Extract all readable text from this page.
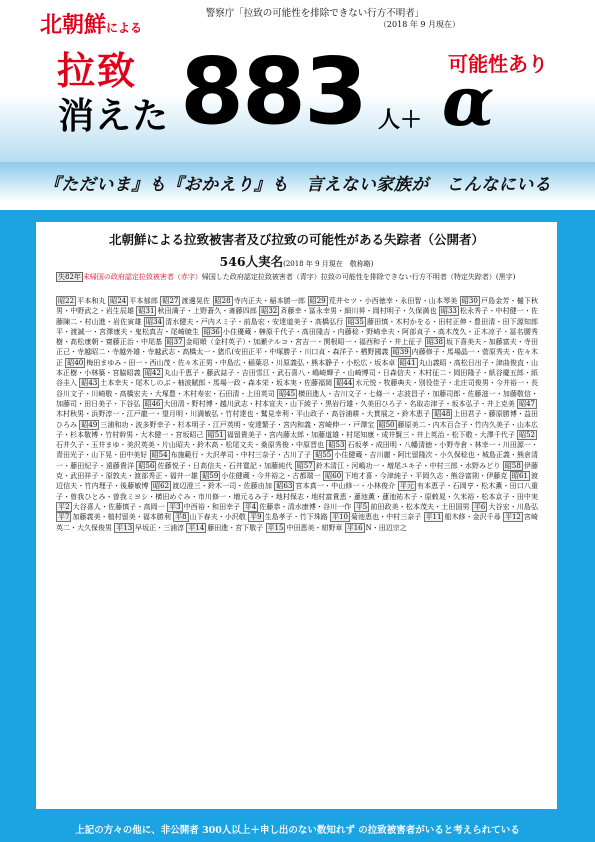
北朝鮮による
警察庁「拉致の可能性を排除できない行方不明者」
（2018 年 9 月現在）
拉致	可能性あり
消えた 883 人＋ α
『ただいま』も『おかえり』も　言えない家族が　こんなにいる
北朝鮮による拉致被害者及び拉致の可能性がある失踪者（公開者）
546人実名(2018 年 9 月現在　敬称略)
失82年 未帰国の政府認定拉致被害者（赤字）帰国した政府認定拉致被害者（青字）拉致の可能性を排除できない行方不明者（特定失踪者）(黒字)
昭22 平本和丸 昭24 平本郁郎 昭27 渡邊晃佐 昭28 寺内正夫・稲本勝一郎 昭29 荒井セツ・小西徳幸・永田智・山本琴美 昭30 戸島金芳・樋下秋男・中野武之・岩生辰雄 昭31 秋田満子・上野蒼久・斎藤四郎 昭32 斉藤幸・冨永幸男・細川昇・岡村明子・久保満也 昭33 松永秀子・中村健一・佐藤陳二・村山進・岩佐寅雄 昭34 清水健夫・戸内スミ子・前島宏・安達道美子・高橋弘行 昭35 藤田慎・木村かをる・田村正伸・豊田清・田下源知郎平・渡誠一・宮澤康夫・鬼松真吉・尾崎暁生 昭36 小住優蔵・榊原千代子・高田隆吉・内藤稔・野崎幸夫・阿部貞子・高木茂久・正木凉子・冨名腰秀樹・高松康朝・齋藤正治・中尾基 昭37 金昭順（金村英子）・加瀬テルコ・宮吉一・関根昭一・福西和子・井上征子 昭38 坂下喜美夫・加藤富夫・寺田正己・寺越昭二・寺越外雄・寺越武志・高橋太一・猪爪(安田正平・中塚勝子・川口貞・森洋子・栖野國義 昭39 内藤修子・馬場晶一・菅原秀夫・佐々木正 昭40 梅田まゆみ・田一・西山茂・佐々木正男・中島広・稲葉忍・川原義弘・熊本静子・小松広・坂本卓 昭41 丸山義昭・高松日出子・津曲俊直・山本正樹・小林築・宮脇昭義 昭42 丸山千恵子・藤武誌子・吉田雪江・武石喜八・嶋崎輝子・山崎博司・日森信夫・木村征二・岡田隆子・紙谷慶五郎・紙谷圭入 昭43 土本幸夫・尾木しのぶ・柚波賦郎・馬場一政・森本栄・坂本実・佐藤福岡 昭44 水元悦・牧藤典夫・別役佳子・北庄司俊男・今井裕一・長谷川文子・川崎敬・高橋宏夫・大塚豊・木村寿宏・石田清・上田英司 昭45 横田進人・吉川文子・七條一・志波昌子・加藤司郎・佐藤滋一・加藤敬信・加藤司・田日美子・下谷弘 昭46 大田清・野村博・越川武志・村本宣夫・山下綾子・黒岩行雄・久美田ひろ子・名取志津子・坂本弘子・井上克美 昭47木村秋男・浜野淳一・江戸龍一・望月明・川満敏弘・竹村達也・鷲見幸利・平山政子・高谷浦耕・大貫展之・鈴木恵子 昭48 上田君子・藤原勝博・益田ひろみ 昭49 三浦和功・波多野幸子・杉本明子・江戸英明・安達繁子・宮内和義・宮崎伸一・戸澤宝 昭50 藤原美二・内木百合子・竹内久美子・山本広子・杉本敬博・竹村幹男・大木健一・宮坂昭己 昭51 福留貴美子・宮内藤太郎・加藤道雄・村尾知康・成井賢三・井上英治・松下敬・大澤千代子 昭52石井久子・玉井まゆ・美沢英美・片山昭夫・鈴木高・松尾文夫・桑原秀俊・中原晋也 昭53 石坂孝・成田明・八幡清徳・小野寺倉・林幸一・川田源一・青田光子・山下晃・田中美好 昭54 布施範行・大沢孝司・中村三奈子・古川了子 昭55 小住健蔵・吉川麗・阿比留隆次・小久保稔也・城島正義・熊倉清一・藤田紀子・遠藤貴洋 昭56 佐藤悦子・日高信夫・石井寛記・加藤純代 昭57 鈴木清江・河嶋功一・増尾ユキ子・中村三郎・水野みどり 昭58 伊藤克・武田祥子・原敦夫・渡部秀正・福井一雄 昭59 小住健蔵・今井裕之・古都瑞一 昭60 下地才喜・今津純子・平岡久志・熊谷富則・伊藤克 昭61 渡辺信夫・竹内理子・後藤敏博 昭62 渡辺澄三・鈴木一司・佐藤由加 昭63 宮本真一・中山修一・小林俊介 平元 有本恵子・石岡亨・松木薫・田口八重子・曽我ひとみ・曽我ミヨシ・横田めぐみ・市川修一・増元るみ子・地村保志・地村富貴恵・蓮池薫・蓮池祐木子・原敕晁・久米裕・松本京子・田中実 平2 大谷喜人・佐藤慎子・高岡一 平3 中西裕・和田幸子 平4 佐藤恭・清水康博・谷川一作 平5 前田政美・松本茂夫・土田国男 平6 大谷宏・川島弘 平7 加藤義美・植村留美・福本勝利 平8 山下春夫・小沢敬 平9 生島孝子・竹下珠路 平10 菊池恵也・中村三奈子 平11 船木修・金沢千尋 平12 宮崎英二・大久保俊男 平13 早坂正・三浦淳 平14 藤田進・宮下敬子 平15 中田恵美・紺野章 平16 N・田辺宗之
上記の方々の他に、非公開者 300人以上＋申し出のない数知れず の拉致被害者がいると考えられている
